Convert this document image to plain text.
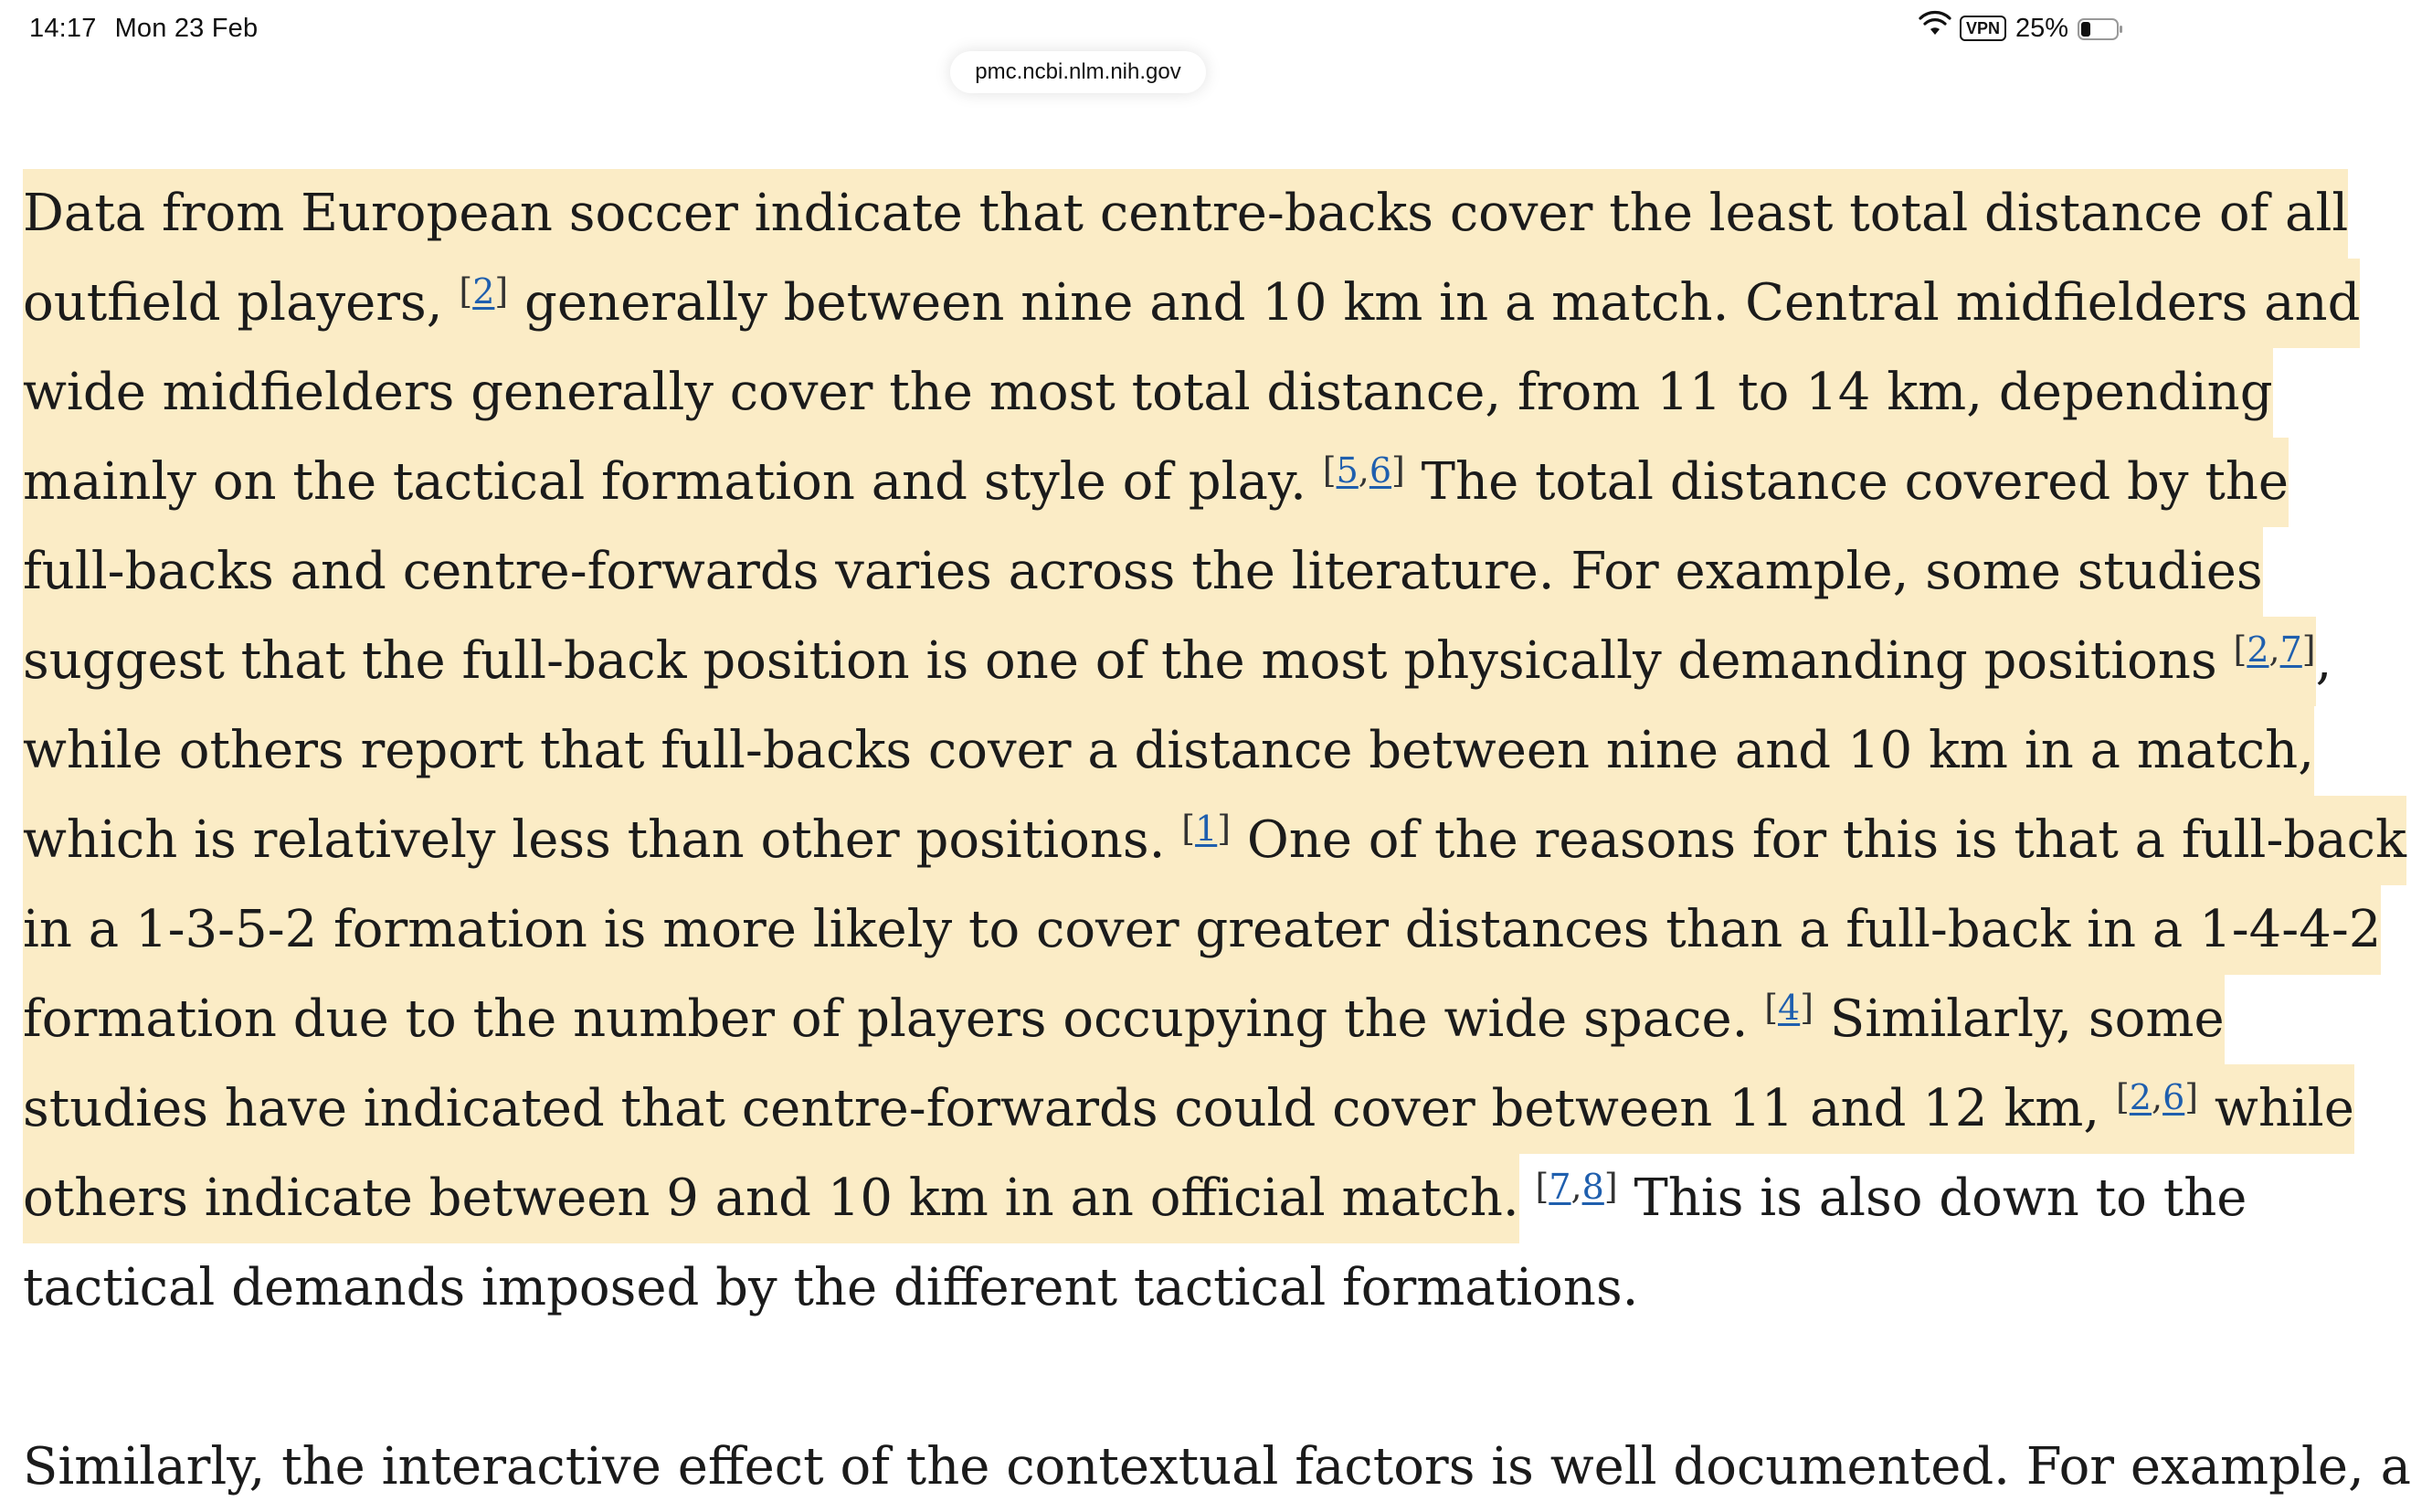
14:17 Mon 23 Feb	VPN 25%
pmc.ncbi.nlm.nih.gov
Data from European soccer indicate that centre-backs cover the least total distance of all
outfield players, [2] generally between nine and 10 km in a match. Central midfielders and
wide midfielders generally cover the most total distance, from 11 to 14 km, depending
mainly on the tactical formation and style of play. [5,6] The total distance covered by the
full-backs and centre-forwards varies across the literature. For example, some studies
suggest that the full-back position is one of the most physically demanding positions [2,7],
while others report that full-backs cover a distance between nine and 10 km in a match,
which is relatively less than other positions. [1] One of the reasons for this is that a full-back
in a 1-3-5-2 formation is more likely to cover greater distances than a full-back in a 1-4-4-2
formation due to the number of players occupying the wide space. [4] Similarly, some
studies have indicated that centre-forwards could cover between 11 and 12 km, [2,6] while
others indicate between 9 and 10 km in an official match. [7,8] This is also down to the
tactical demands imposed by the different tactical formations.
Similarly, the interactive effect of the contextual factors is well documented. For example, a
